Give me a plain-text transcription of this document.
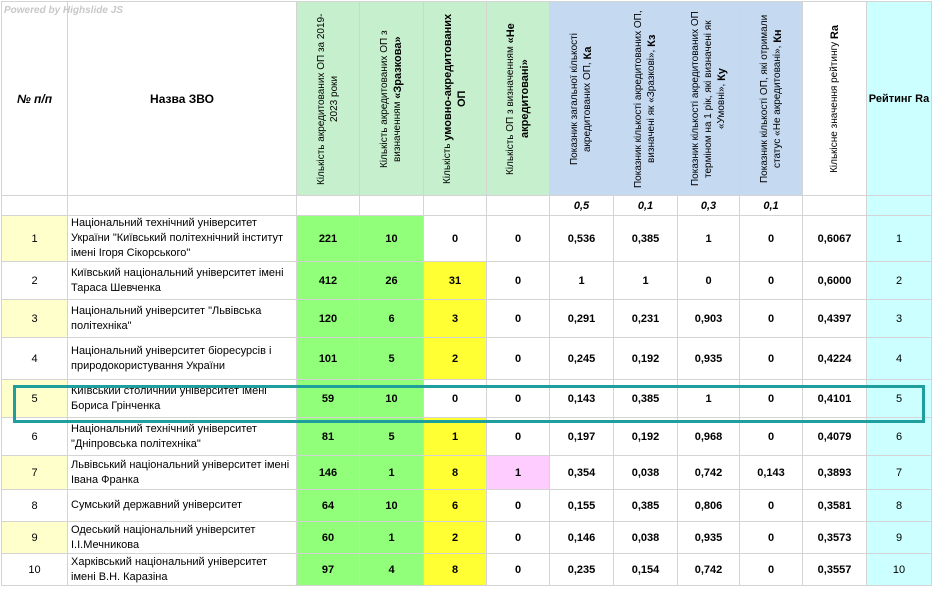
Powered by Highslide JS
№ п/п	Назва ЗВО	Кількість акредитованих ОП за 2019-2023 роки	Кількість акредитованих ОП з визначенням «Зразкова»	Кількість умовно-акредитованих ОП	Кількість ОП з визначенням «Не акредитовані»	Показник загальної кількості акредитованих ОП, Ка	Показник кількості акредитованих ОП, визначені як «Зразкові», Кз	Показник кількості акредитованих ОП терміном на 1 рік, які визначені як «Умовні», Ку	Показник кількості ОП, які отримали статус «Не акредитовані», Кн	Кількісне значення рейтингу Ra	Рейтинг Ra
						0,5	0,1	0,3	0,1		
1	Національний технічний університет України "Київський політехнічний інститут імені Ігоря Сікорського"	221	10	0	0	0,536	0,385	1	0	0,6067	1
2	Київський національний університет імені Тараса Шевченка	412	26	31	0	1	1	0	0	0,6000	2
3	Національний університет "Львівська політехніка"	120	6	3	0	0,291	0,231	0,903	0	0,4397	3
4	Національний університет біоресурсів і природокористування України	101	5	2	0	0,245	0,192	0,935	0	0,4224	4
5	Київський столичний університет імені Бориса Грінченка	59	10	0	0	0,143	0,385	1	0	0,4101	5
6	Національний технічний університет "Дніпровська політехніка"	81	5	1	0	0,197	0,192	0,968	0	0,4079	6
7	Львівський національний університет імені Івана Франка	146	1	8	1	0,354	0,038	0,742	0,143	0,3893	7
8	Сумський державний університет	64	10	6	0	0,155	0,385	0,806	0	0,3581	8
9	Одеський національний університет І.І.Мечникова	60	1	2	0	0,146	0,038	0,935	0	0,3573	9
10	Харківський національний університет імені В.Н. Каразіна	97	4	8	0	0,235	0,154	0,742	0	0,3557	10
